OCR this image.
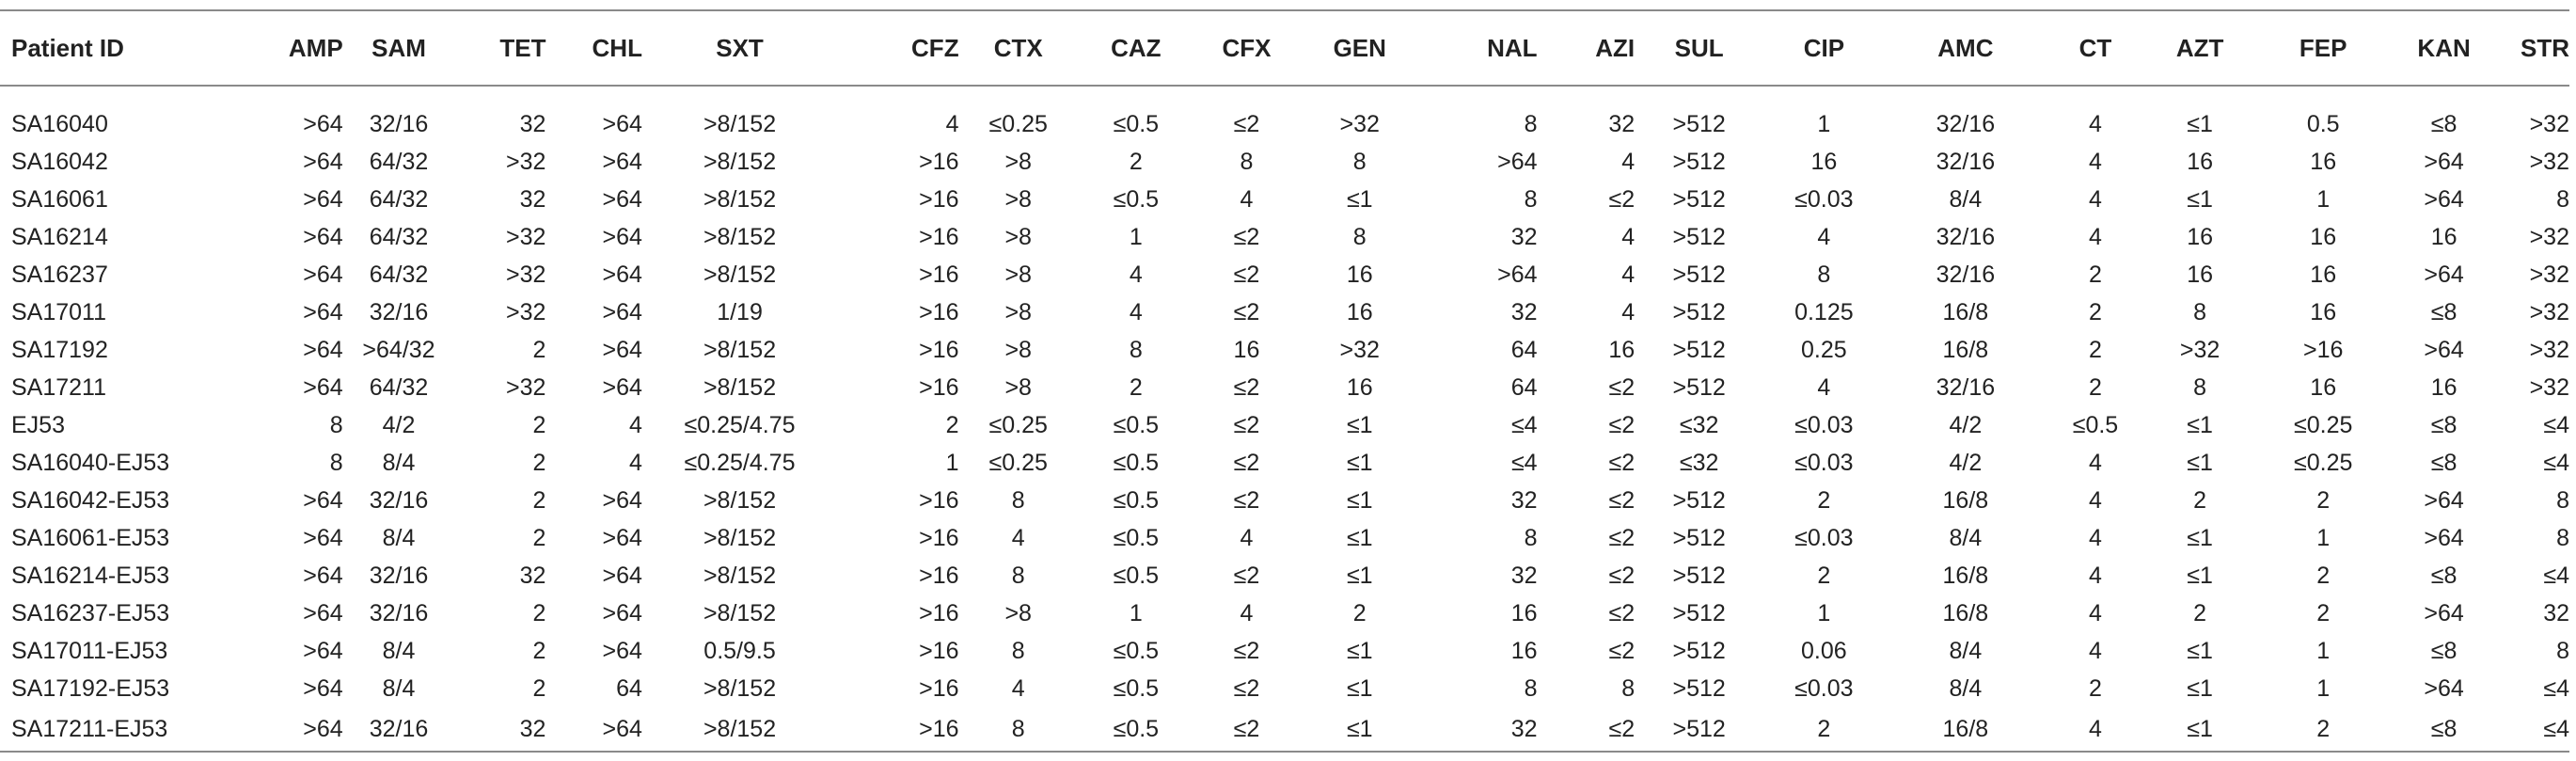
Patient ID	AMP	SAM	TET	CHL	SXT	CFZ	CTX	CAZ	CFX	GEN	NAL	AZI	SUL	CIP	AMC	CT	AZT	FEP	KAN	STR

SA16040	>64	32/16	32	>64	>8/152	4	≤0.25	≤0.5	≤2	>32	8	32	>512	1	32/16	4	≤1	0.5	≤8	>32
SA16042	>64	64/32	>32	>64	>8/152	>16	>8	2	8	8	>64	4	>512	16	32/16	4	16	16	>64	>32
SA16061	>64	64/32	32	>64	>8/152	>16	>8	≤0.5	4	≤1	8	≤2	>512	≤0.03	8/4	4	≤1	1	>64	8
SA16214	>64	64/32	>32	>64	>8/152	>16	>8	1	≤2	8	32	4	>512	4	32/16	4	16	16	16	>32
SA16237	>64	64/32	>32	>64	>8/152	>16	>8	4	≤2	16	>64	4	>512	8	32/16	2	16	16	>64	>32
SA17011	>64	32/16	>32	>64	1/19	>16	>8	4	≤2	16	32	4	>512	0.125	16/8	2	8	16	≤8	>32
SA17192	>64	>64/32	2	>64	>8/152	>16	>8	8	16	>32	64	16	>512	0.25	16/8	2	>32	>16	>64	>32
SA17211	>64	64/32	>32	>64	>8/152	>16	>8	2	≤2	16	64	≤2	>512	4	32/16	2	8	16	16	>32
EJ53	8	4/2	2	4	≤0.25/4.75	2	≤0.25	≤0.5	≤2	≤1	≤4	≤2	≤32	≤0.03	4/2	≤0.5	≤1	≤0.25	≤8	≤4
SA16040-EJ53	8	8/4	2	4	≤0.25/4.75	1	≤0.25	≤0.5	≤2	≤1	≤4	≤2	≤32	≤0.03	4/2	4	≤1	≤0.25	≤8	≤4
SA16042-EJ53	>64	32/16	2	>64	>8/152	>16	8	≤0.5	≤2	≤1	32	≤2	>512	2	16/8	4	2	2	>64	8
SA16061-EJ53	>64	8/4	2	>64	>8/152	>16	4	≤0.5	4	≤1	8	≤2	>512	≤0.03	8/4	4	≤1	1	>64	8
SA16214-EJ53	>64	32/16	32	>64	>8/152	>16	8	≤0.5	≤2	≤1	32	≤2	>512	2	16/8	4	≤1	2	≤8	≤4
SA16237-EJ53	>64	32/16	2	>64	>8/152	>16	>8	1	4	2	16	≤2	>512	1	16/8	4	2	2	>64	32
SA17011-EJ53	>64	8/4	2	>64	0.5/9.5	>16	8	≤0.5	≤2	≤1	16	≤2	>512	0.06	8/4	4	≤1	1	≤8	8
SA17192-EJ53	>64	8/4	2	64	>8/152	>16	4	≤0.5	≤2	≤1	8	8	>512	≤0.03	8/4	2	≤1	1	>64	≤4
SA17211-EJ53	>64	32/16	32	>64	>8/152	>16	8	≤0.5	≤2	≤1	32	≤2	>512	2	16/8	4	≤1	2	≤8	≤4
